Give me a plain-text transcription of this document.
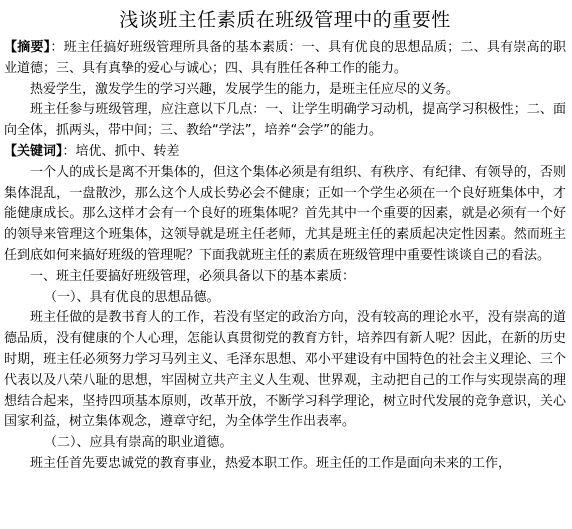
浅谈班主任素质在班级管理中的重要性

【摘要】：班主任搞好班级管理所具备的基本素质：一、具有优良的思想品质；二、具有崇高的职业道德；三、具有真挚的爱心与诚心；四、具有胜任各种工作的能力。

热爱学生，激发学生的学习兴趣，发展学生的能力，是班主任应尽的义务。

班主任参与班级管理，应注意以下几点：一、让学生明确学习动机，提高学习积极性；二、面向全体，抓两头，带中间；三、教给“学法”，培养“会学”的能力。

【关键词】：培优、抓中、转差

一个人的成长是离不开集体的，但这个集体必须是有组织、有秩序、有纪律、有领导的，否则集体混乱，一盘散沙，那么这个人成长势必会不健康；正如一个学生必须在一个良好班集体中，才能健康成长。那么这样才会有一个良好的班集体呢？首先其中一个重要的因素，就是必须有一个好的领导来管理这个班集体，这领导就是班主任老师，尤其是班主任的素质起决定性因素。然而班主任到底如何来搞好班级的管理呢？下面我就班主任的素质在班级管理中重要性谈谈自己的看法。

一、班主任要搞好班级管理，必须具备以下的基本素质：

（一）、具有优良的思想品德。

班主任做的是教书育人的工作，若没有坚定的政治方向，没有较高的理论水平，没有崇高的道德品质，没有健康的个人心理，怎能认真贯彻党的教育方针，培养四有新人呢？因此，在新的历史时期，班主任必须努力学习马列主义、毛泽东思想、邓小平建设有中国特色的社会主义理论、三个代表以及八荣八耻的思想，牢固树立共产主义人生观、世界观，主动把自己的工作与实现崇高的理想结合起来，坚持四项基本原则，改革开放，不断学习科学理论，树立时代发展的竞争意识，关心国家利益，树立集体观念，遵章守纪，为全体学生作出表率。

（二）、应具有崇高的职业道德。

班主任首先要忠诚党的教育事业，热爱本职工作。班主任的工作是面向未来的工作，
